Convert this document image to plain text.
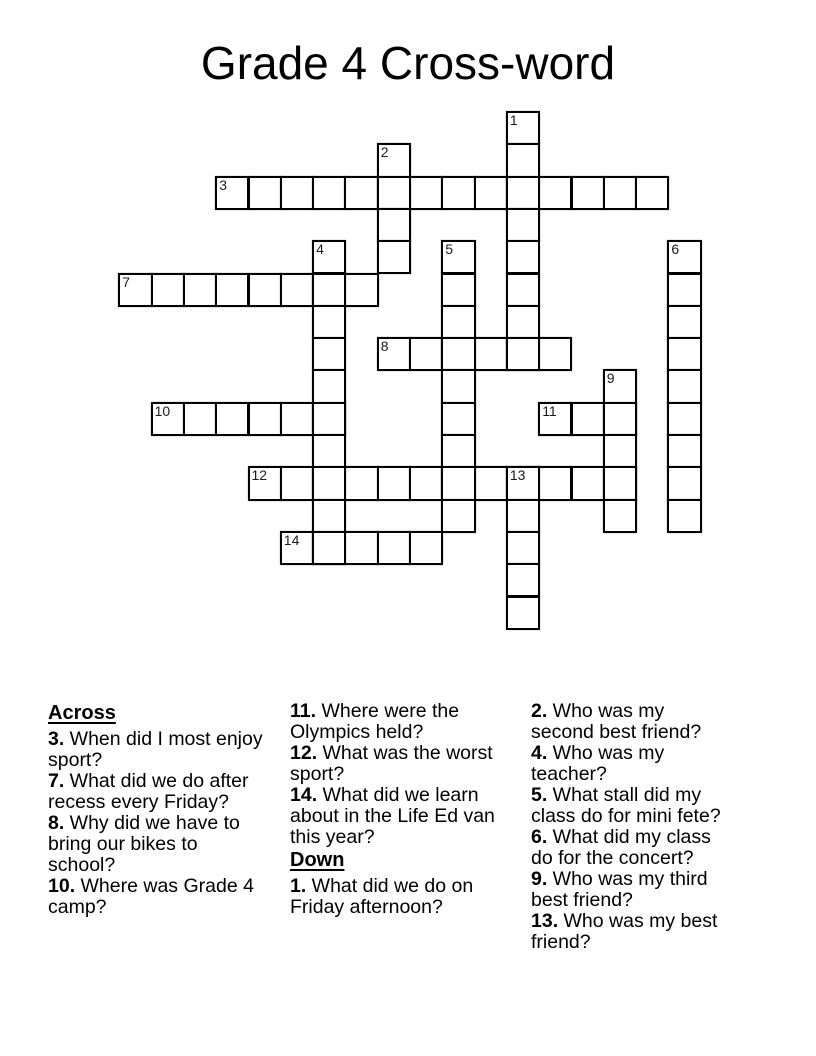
Grade 4 Cross-word
3
7
8
10	11
12
14
1
2
4	5	6
9
13
Across

3. When did I most enjoy sport?

7. What did we do after recess every Friday?

8. Why did we have to bring our bikes to school?

10. Where was Grade 4 camp?

11. Where were the Olympics held?

12. What was the worst sport?

14. What did we learn about in the Life Ed van this year?

Down

1. What did we do on Friday afternoon?

2. Who was my second best friend?

4. Who was my teacher?

5. What stall did my class do for mini fete?

6. What did my class do for the concert?

9. Who was my third best friend?

13. Who was my best friend?
